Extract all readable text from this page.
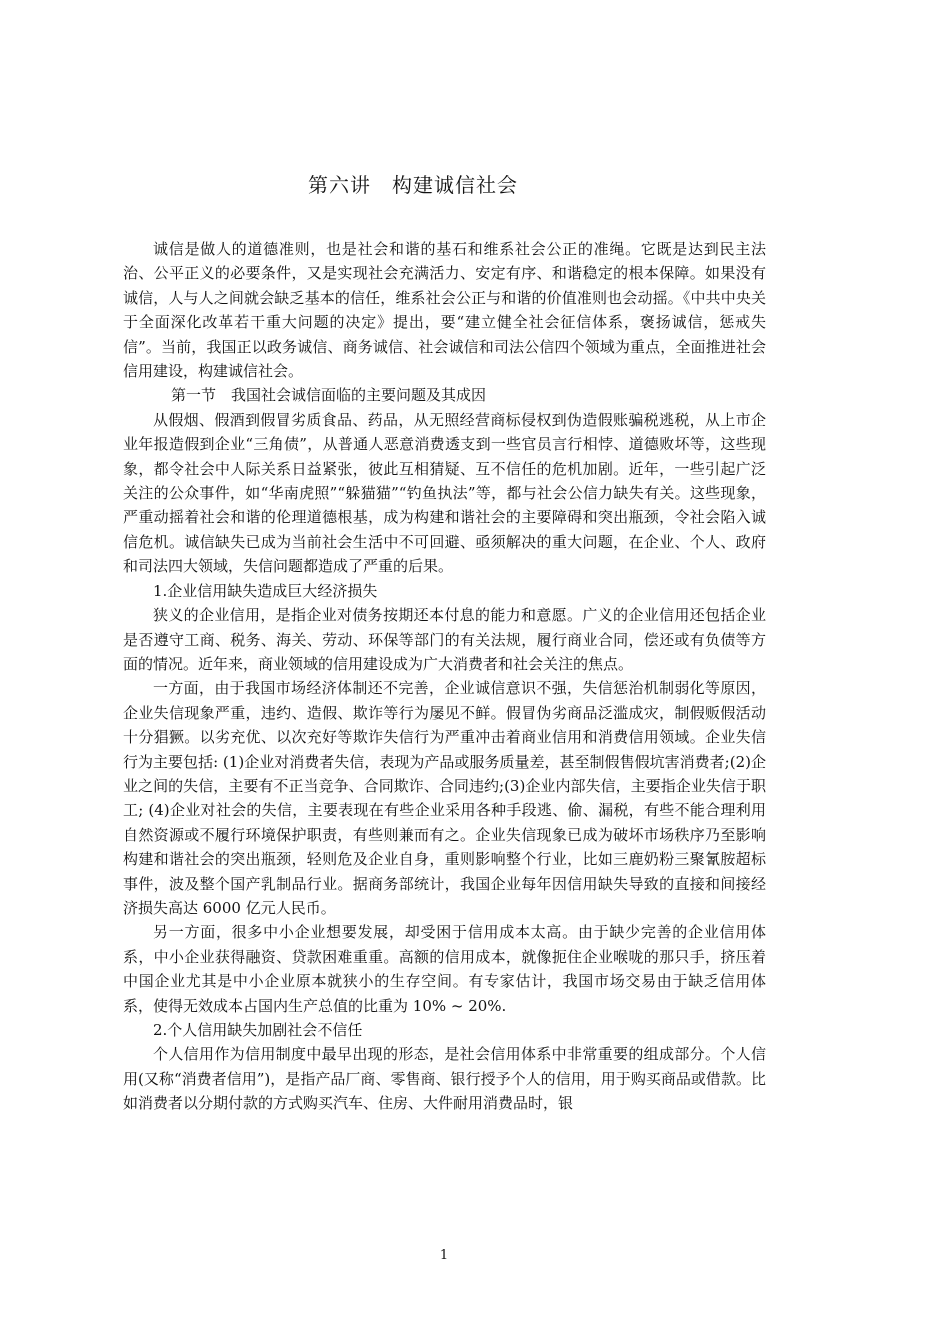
第六讲　构建诚信社会

诚信是做人的道德准则，也是社会和谐的基石和维系社会公正的准绳。它既是达到民主法治、公平正义的必要条件，又是实现社会充满活力、安定有序、和谐稳定的根本保障。如果没有诚信，人与人之间就会缺乏基本的信任，维系社会公正与和谐的价值准则也会动摇。《中共中央关于全面深化改革若干重大问题的决定》提出，要“建立健全社会征信体系，褒扬诚信，惩戒失信”。当前，我国正以政务诚信、商务诚信、社会诚信和司法公信四个领域为重点，全面推进社会信用建设，构建诚信社会。

第一节　我国社会诚信面临的主要问题及其成因

从假烟、假酒到假冒劣质食品、药品，从无照经营商标侵权到伪造假账骗税逃税，从上市企业年报造假到企业“三角债”，从普通人恶意消费透支到一些官员言行相悖、道德败坏等，这些现象，都令社会中人际关系日益紧张，彼此互相猜疑、互不信任的危机加剧。近年，一些引起广泛关注的公众事件，如“华南虎照”“躲猫猫”“钓鱼执法”等，都与社会公信力缺失有关。这些现象，严重动摇着社会和谐的伦理道德根基，成为构建和谐社会的主要障碍和突出瓶颈，令社会陷入诚信危机。诚信缺失已成为当前社会生活中不可回避、亟须解决的重大问题，在企业、个人、政府和司法四大领域，失信问题都造成了严重的后果。

1.企业信用缺失造成巨大经济损失

狭义的企业信用，是指企业对债务按期还本付息的能力和意愿。广义的企业信用还包括企业是否遵守工商、税务、海关、劳动、环保等部门的有关法规，履行商业合同，偿还或有负债等方面的情况。近年来，商业领域的信用建设成为广大消费者和社会关注的焦点。

一方面，由于我国市场经济体制还不完善，企业诚信意识不强，失信惩治机制弱化等原因，企业失信现象严重，违约、造假、欺诈等行为屡见不鲜。假冒伪劣商品泛滥成灾，制假贩假活动十分猖獗。以劣充优、以次充好等欺诈失信行为严重冲击着商业信用和消费信用领域。企业失信行为主要包括: (1)企业对消费者失信，表现为产品或服务质量差，甚至制假售假坑害消费者;(2)企业之间的失信，主要有不正当竞争、合同欺诈、合同违约;(3)企业内部失信，主要指企业失信于职工; (4)企业对社会的失信，主要表现在有些企业采用各种手段逃、偷、漏税，有些不能合理利用自然资源或不履行环境保护职责，有些则兼而有之。企业失信现象已成为破坏市场秩序乃至影响构建和谐社会的突出瓶颈，轻则危及企业自身，重则影响整个行业，比如三鹿奶粉三聚氰胺超标事件，波及整个国产乳制品行业。据商务部统计，我国企业每年因信用缺失导致的直接和间接经济损失高达 6000 亿元人民币。

另一方面，很多中小企业想要发展，却受困于信用成本太高。由于缺少完善的企业信用体系，中小企业获得融资、贷款困难重重。高额的信用成本，就像扼住企业喉咙的那只手，挤压着中国企业尤其是中小企业原本就狭小的生存空间。有专家估计，我国市场交易由于缺乏信用体系，使得无效成本占国内生产总值的比重为 10% ~ 20%.

2.个人信用缺失加剧社会不信任

个人信用作为信用制度中最早出现的形态，是社会信用体系中非常重要的组成部分。个人信用(又称“消费者信用”)，是指产品厂商、零售商、银行授予个人的信用，用于购买商品或借款。比如消费者以分期付款的方式购买汽车、住房、大件耐用消费品时，银

1
